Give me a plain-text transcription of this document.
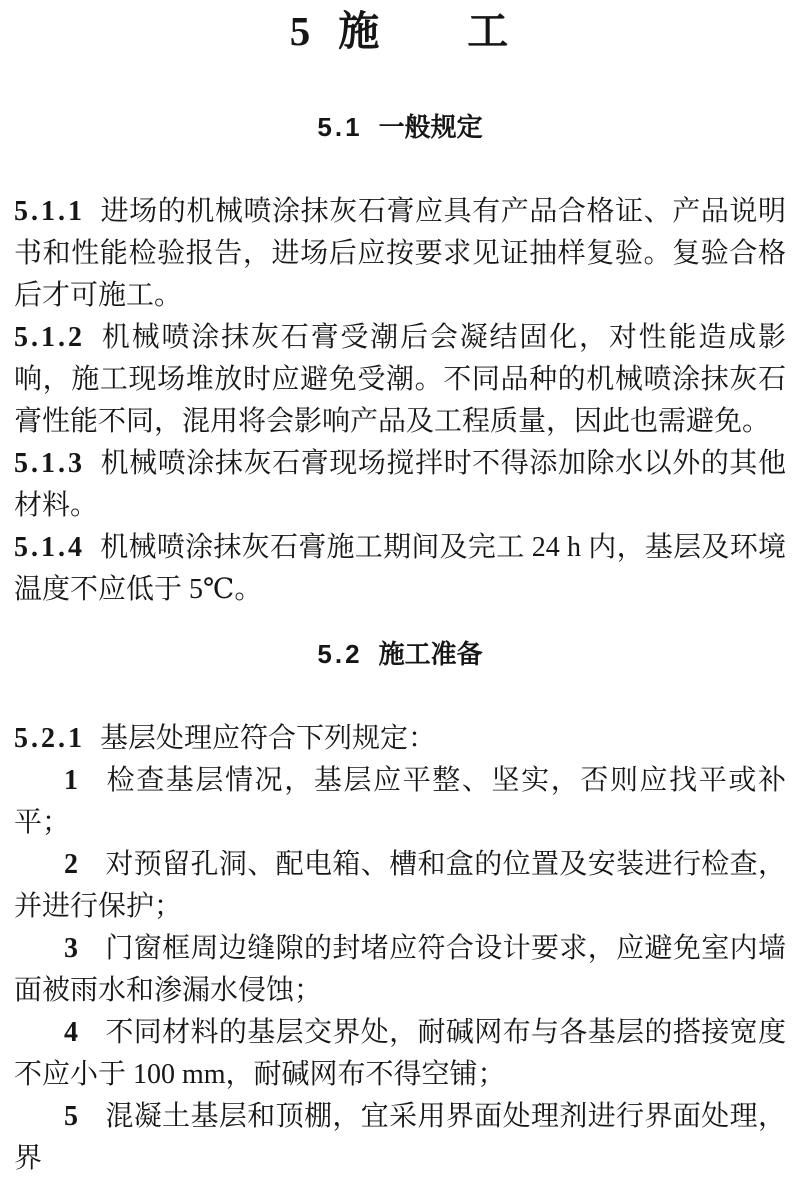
5 施　　工
5.1 一般规定

5.1.1 进场的机械喷涂抹灰石膏应具有产品合格证、产品说明书和性能检验报告，进场后应按要求见证抽样复验。复验合格后才可施工。

5.1.2 机械喷涂抹灰石膏受潮后会凝结固化，对性能造成影响，施工现场堆放时应避免受潮。不同品种的机械喷涂抹灰石膏性能不同，混用将会影响产品及工程质量，因此也需避免。

5.1.3 机械喷涂抹灰石膏现场搅拌时不得添加除水以外的其他材料。

5.1.4 机械喷涂抹灰石膏施工期间及完工 24 h 内，基层及环境温度不应低于 5℃。

5.2 施工准备

5.2.1 基层处理应符合下列规定：

1 检查基层情况，基层应平整、坚实，否则应找平或补平；

2 对预留孔洞、配电箱、槽和盒的位置及安装进行检查，并进行保护；

3 门窗框周边缝隙的封堵应符合设计要求，应避免室内墙面被雨水和渗漏水侵蚀；

4 不同材料的基层交界处，耐碱网布与各基层的搭接宽度不应小于 100 mm，耐碱网布不得空铺；

5 混凝土基层和顶棚，宜采用界面处理剂进行界面处理，界
